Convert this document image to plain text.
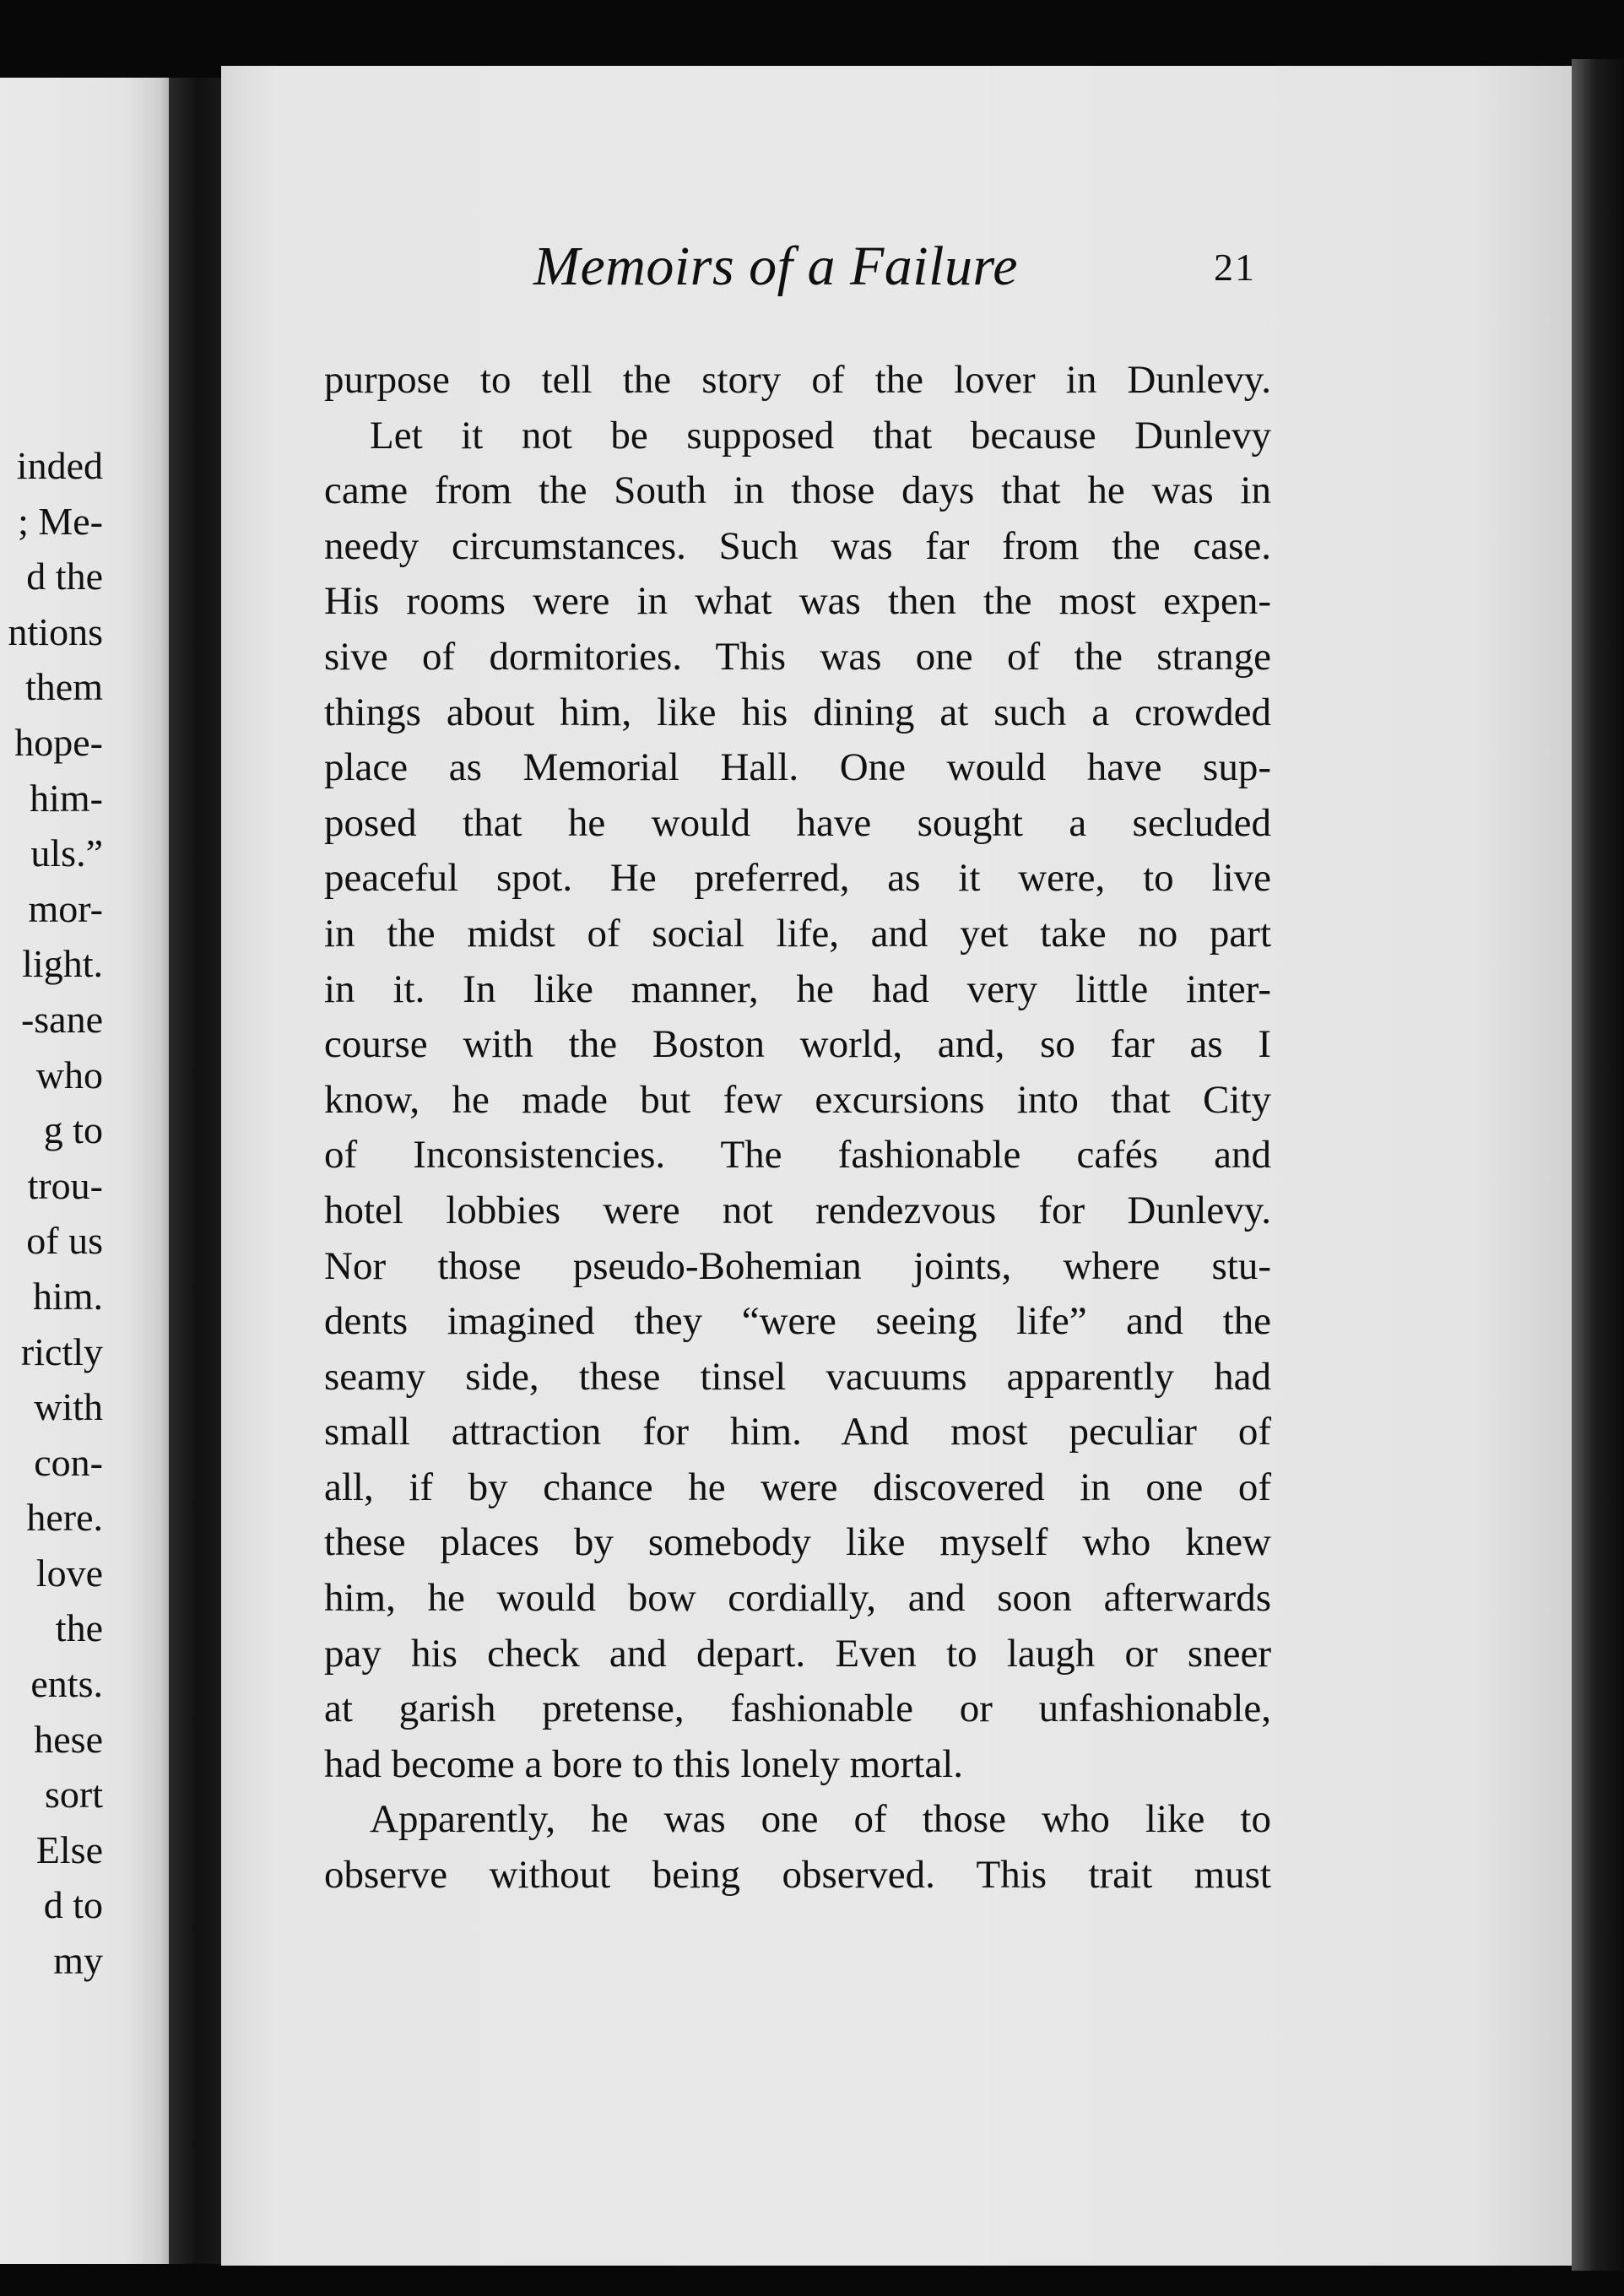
inded
; Me-
d the
ntions
them
hope-
him-
uls.”
mor-
light.
-sane
who
g to
trou-
of us
him.
rictly
with
con-
here.
love
the
ents.
hese
sort
Else
d to
my
Memoirs of a Failure	21
purpose to tell the story of the lover in Dunlevy.
Let it not be supposed that because Dunlevy
came from the South in those days that he was in
needy circumstances. Such was far from the case.
His rooms were in what was then the most expen-
sive of dormitories. This was one of the strange
things about him, like his dining at such a crowded
place as Memorial Hall. One would have sup-
posed that he would have sought a secluded
peaceful spot. He preferred, as it were, to live
in the midst of social life, and yet take no part
in it. In like manner, he had very little inter-
course with the Boston world, and, so far as I
know, he made but few excursions into that City
of Inconsistencies. The fashionable cafés and
hotel lobbies were not rendezvous for Dunlevy.
Nor those pseudo-Bohemian joints, where stu-
dents imagined they “were seeing life” and the
seamy side, these tinsel vacuums apparently had
small attraction for him. And most peculiar of
all, if by chance he were discovered in one of
these places by somebody like myself who knew
him, he would bow cordially, and soon afterwards
pay his check and depart. Even to laugh or sneer
at garish pretense, fashionable or unfashionable,
had become a bore to this lonely mortal.
Apparently, he was one of those who like to
observe without being observed. This trait must
